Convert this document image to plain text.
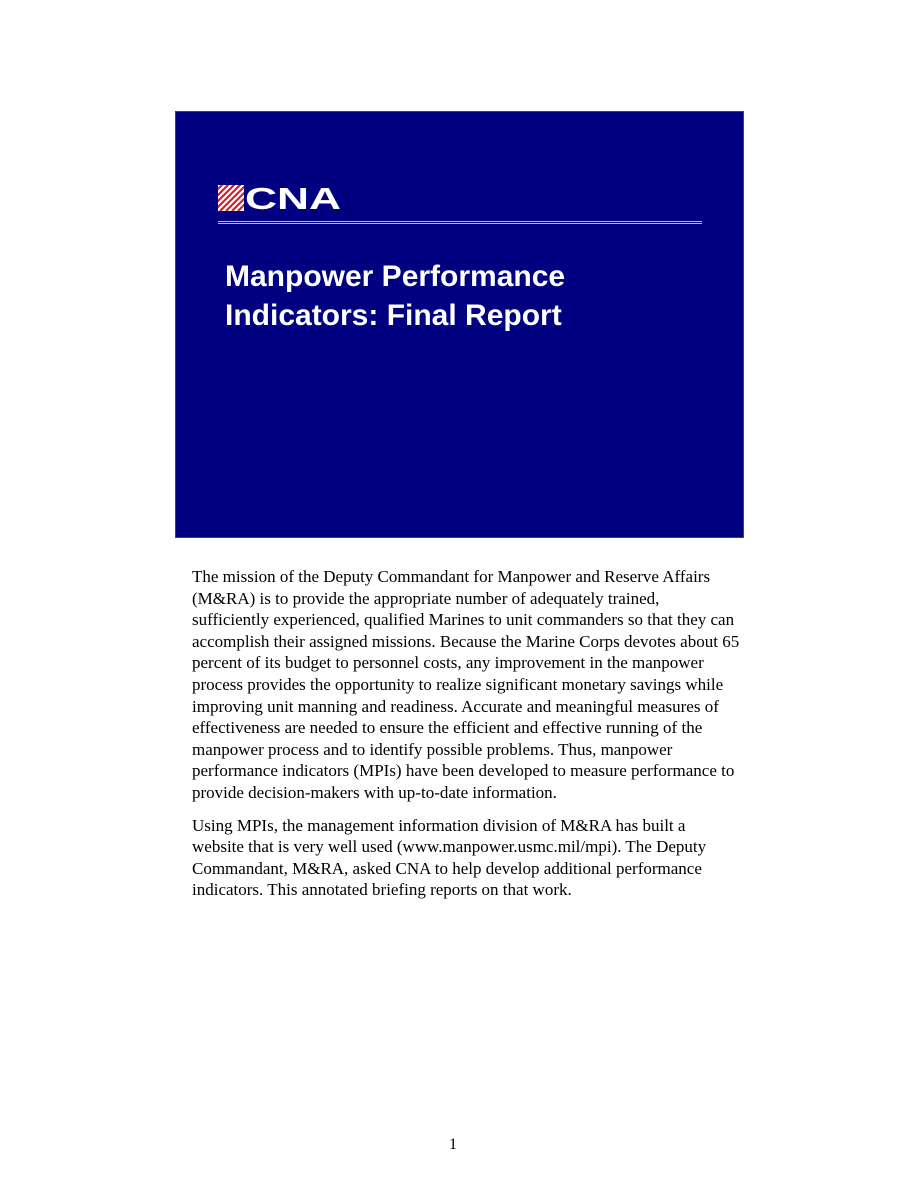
CNA
Manpower Performance
Indicators: Final Report

The mission of the Deputy Commandant for Manpower and Reserve Affairs (M&RA) is to provide the appropriate number of adequately trained, sufficiently experienced, qualified Marines to unit commanders so that they can accomplish their assigned missions. Because the Marine Corps devotes about 65 percent of its budget to personnel costs, any improvement in the manpower process provides the opportunity to realize significant monetary savings while improving unit manning and readiness. Accurate and meaningful measures of effectiveness are needed to ensure the efficient and effective running of the manpower process and to identify possible problems. Thus, manpower performance indicators (MPIs) have been developed to measure performance to provide decision-makers with up-to-date information.

Using MPIs, the management information division of M&RA has built a website that is very well used (www.manpower.usmc.mil/mpi). The Deputy Commandant, M&RA, asked CNA to help develop additional performance indicators. This annotated briefing reports on that work.

1
